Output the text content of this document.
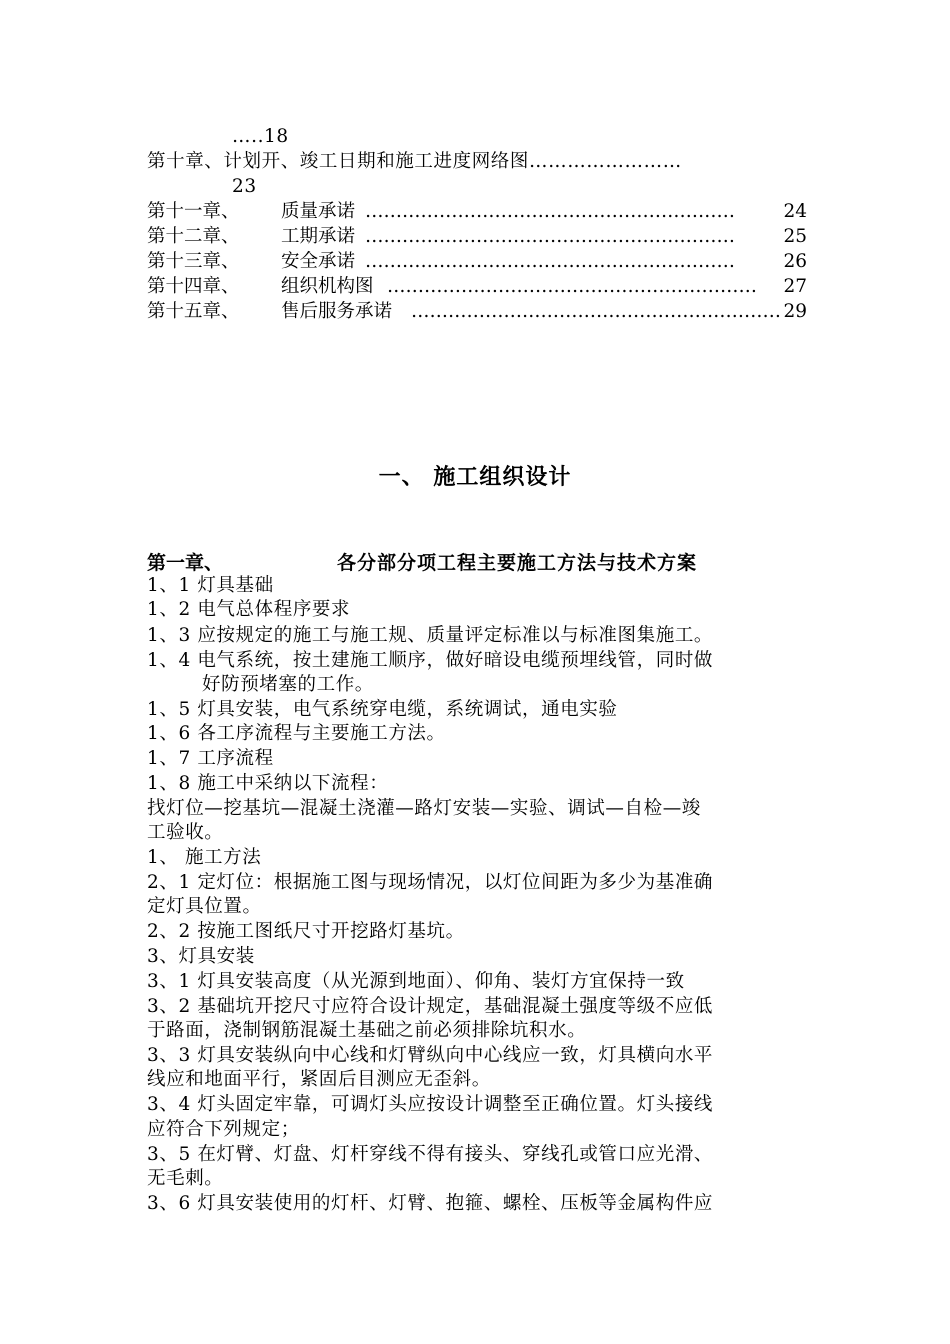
…..18
第十章、计划开、竣工日期和施工进度网络图……………………
23
第十一章、 质量承诺 ……………………………………………………	24
第十二章、 工期承诺 ……………………………………………………	25
第十三章、 安全承诺 ……………………………………………………	26
第十四章、 组织机构图 ……………………………………………………	27
第十五章、 售后服务承诺 …………………………………………………… 29
一、 施工组织设计
第一章、	各分部分项工程主要施工方法与技术方案
1、1 灯具基础
1、2 电气总体程序要求
1、3 应按规定的施工与施工规、质量评定标准以与标准图集施工。
1、4 电气系统，按土建施工顺序，做好暗设电缆预埋线管，同时做
好防预堵塞的工作。
1、5 灯具安装，电气系统穿电缆，系统调试，通电实验
1、6 各工序流程与主要施工方法。
1、7 工序流程
1、8 施工中采纳以下流程：
找灯位—挖基坑—混凝土浇灌—路灯安装—实验、调试—自检—竣
工验收。
1、 施工方法
2、1 定灯位：根据施工图与现场情况，以灯位间距为多少为基准确
定灯具位置。
2、2 按施工图纸尺寸开挖路灯基坑。
3、灯具安装
3、1 灯具安装高度（从光源到地面）、仰角、装灯方宜保持一致
3、2 基础坑开挖尺寸应符合设计规定，基础混凝土强度等级不应低
于路面，浇制钢筋混凝土基础之前必须排除坑积水。
3、3 灯具安装纵向中心线和灯臂纵向中心线应一致，灯具横向水平
线应和地面平行，紧固后目测应无歪斜。
3、4 灯头固定牢靠，可调灯头应按设计调整至正确位置。灯头接线
应符合下列规定；
3、5 在灯臂、灯盘、灯杆穿线不得有接头、穿线孔或管口应光滑、
无毛刺。
3、6 灯具安装使用的灯杆、灯臂、抱箍、螺栓、压板等金属构件应
